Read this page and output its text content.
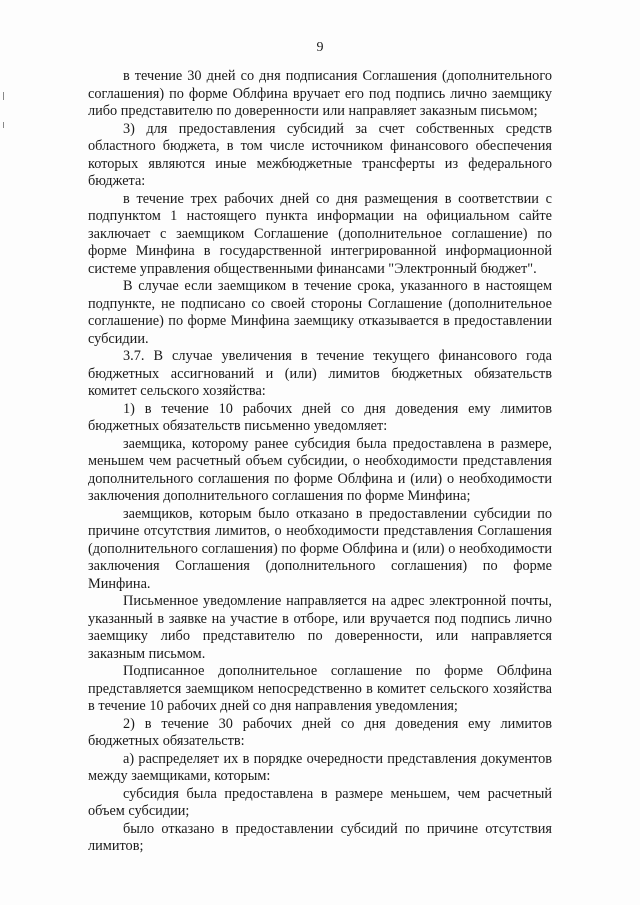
9

в течение 30 дней со дня подписания Соглашения (дополнительного соглашения) по форме Облфина вручает его под подпись лично заемщику либо представителю по доверенности или направляет заказным письмом;

3) для предоставления субсидий за счет собственных средств областного бюджета, в том числе источником финансового обеспечения которых являются иные межбюджетные трансферты из федерального бюджета:

в течение трех рабочих дней со дня размещения в соответствии с подпунктом 1 настоящего пункта информации на официальном сайте заключает с заемщиком Соглашение (дополнительное соглашение) по форме Минфина в государственной интегрированной информационной системе управления общественными финансами "Электронный бюджет".

В случае если заемщиком в течение срока, указанного в настоящем подпункте, не подписано со своей стороны Соглашение (дополнительное соглашение) по форме Минфина заемщику отказывается в предоставлении субсидии.

3.7. В случае увеличения в течение текущего финансового года бюджетных ассигнований и (или) лимитов бюджетных обязательств комитет сельского хозяйства:

1) в течение 10 рабочих дней со дня доведения ему лимитов бюджетных обязательств письменно уведомляет:

заемщика, которому ранее субсидия была предоставлена в размере, меньшем чем расчетный объем субсидии, о необходимости представления дополнительного соглашения по форме Облфина и (или) о необходимости заключения дополнительного соглашения по форме Минфина;

заемщиков, которым было отказано в предоставлении субсидии по причине отсутствия лимитов, о необходимости представления Соглашения (дополнительного соглашения) по форме Облфина и (или) о необходимости заключения Соглашения (дополнительного соглашения) по форме Минфина.

Письменное уведомление направляется на адрес электронной почты, указанный в заявке на участие в отборе, или вручается под подпись лично заемщику либо представителю по доверенности, или направляется заказным письмом.

Подписанное дополнительное соглашение по форме Облфина представляется заемщиком непосредственно в комитет сельского хозяйства в течение 10 рабочих дней со дня направления уведомления;

2) в течение 30 рабочих дней со дня доведения ему лимитов бюджетных обязательств:

а) распределяет их в порядке очередности представления документов между заемщиками, которым:

субсидия была предоставлена в размере меньшем, чем расчетный объем субсидии;

было отказано в предоставлении субсидий по причине отсутствия лимитов;
